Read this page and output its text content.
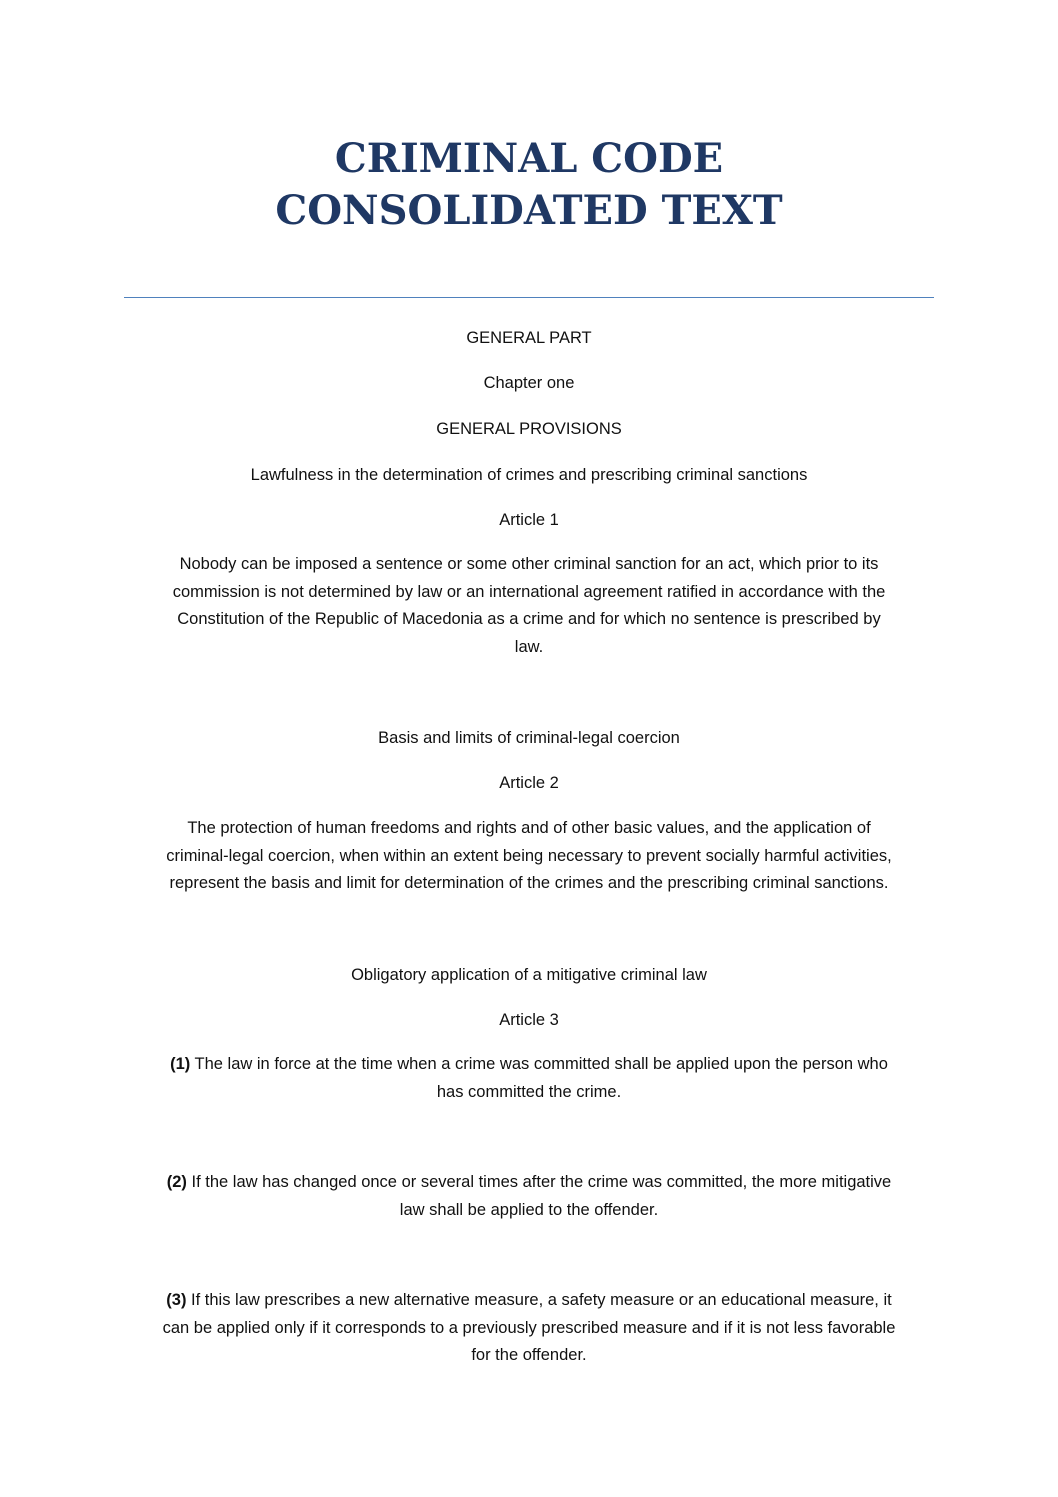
CRIMINAL CODE
CONSOLIDATED TEXT

GENERAL PART

Chapter one

GENERAL PROVISIONS

Lawfulness in the determination of crimes and prescribing criminal sanctions

Article 1

Nobody can be imposed a sentence or some other criminal sanction for an act, which prior to its
commission is not determined by law or an international agreement ratified in accordance with the
Constitution of the Republic of Macedonia as a crime and for which no sentence is prescribed by
law.

Basis and limits of criminal-legal coercion

Article 2

The protection of human freedoms and rights and of other basic values, and the application of
criminal-legal coercion, when within an extent being necessary to prevent socially harmful activities,
represent the basis and limit for determination of the crimes and the prescribing criminal sanctions.

Obligatory application of a mitigative criminal law

Article 3

(1) The law in force at the time when a crime was committed shall be applied upon the person who
has committed the crime.
(2) If the law has changed once or several times after the crime was committed, the more mitigative
law shall be applied to the offender.
(3) If this law prescribes a new alternative measure, a safety measure or an educational measure, it
can be applied only if it corresponds to a previously prescribed measure and if it is not less favorable
for the offender.
